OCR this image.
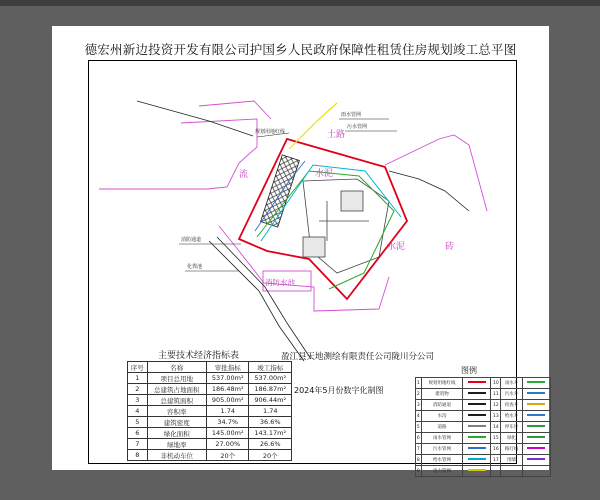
德宏州新边投资开发有限公司护国乡人民政府保障性租赁住房规划竣工总平图
流	水泥
土路
水泥	砖
消防水池
消防通道
化粪池
雨水管网
污水管网
规划用地红线
主要技术经济指标表
序号	名称	审批指标	竣工指标
1	项目总用地	537.00m²	537.00m²
2	总建筑占地面积	186.48m²	186.87m²
3	总建筑面积	905.00m²	906.44m²
4	容积率	1.74	1.74
5	建筑密度	34.7%	36.6%
6	绿化面积	145.00m²	143.17m²
7	绿地率	27.00%	26.6%
8	非机动车位	20个	20个
盈江县天地测绘有限责任公司陇川分公司
2024年5月份数字化制图
图例
1	规划用地红线		10	雨水井	
2	建筑物		11	污水井	
3	消防通道		12	检查井	
4	水沟		13	给水井	
5	道路		14	停车位	
6	雨水管网		15	绿化	
7	污水管网		16	路灯线	
8	给水管网		17	围墙	
9	电力管网				
